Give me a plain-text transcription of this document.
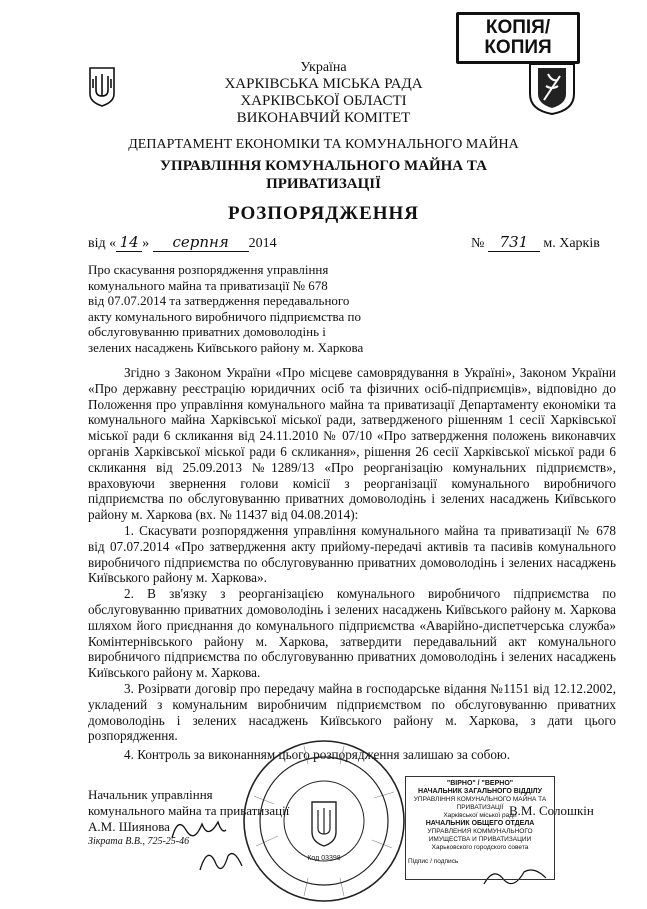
КОПІЯ/
КОПИЯ
Україна
ХАРКІВСЬКА МІСЬКА РАДА
ХАРКІВСЬКОЇ ОБЛАСТІ
ВИКОНАВЧИЙ КОМІТЕТ
ДЕПАРТАМЕНТ ЕКОНОМІКИ ТА КОМУНАЛЬНОГО МАЙНА
УПРАВЛІННЯ КОМУНАЛЬНОГО МАЙНА ТА
ПРИВАТИЗАЦІЇ
РОЗПОРЯДЖЕННЯ
від « 14 » серпня 2014	№ 731 м. Харків
Про скасування розпорядження управління
комунального майна та приватизації № 678
від 07.07.2014 та затвердження передавального
акту комунального виробничого підприємства по
обслуговуванню приватних домоволодінь і
зелених насаджень Київського району м. Харкова

Згідно з Законом України «Про місцеве самоврядування в Україні», Законом України «Про державну реєстрацію юридичних осіб та фізичних осіб-підприємців», відповідно до Положення про управління комунального майна та приватизації Департаменту економіки та комунального майна Харківської міської ради, затвердженого рішенням 1 сесії Харківської міської ради 6 скликання від 24.11.2010 № 07/10 «Про затвердження положень виконавчих органів Харківської міської ради 6 скликання», рішення 26 сесії Харківської міської ради 6 скликання від 25.09.2013 №1289/13 «Про реорганізацію комунальних підприємств», враховуючи звернення голови комісії з реорганізації комунального виробничого підприємства по обслуговуванню приватних домоволодінь і зелених насаджень Київського району м. Харкова (вх. № 11437 від 04.08.2014):

1. Скасувати розпорядження управління комунального майна та приватизації № 678 від 07.07.2014 «Про затвердження акту прийому-передачі активів та пасивів комунального виробничого підприємства по обслуговуванню приватних домоволодінь і зелених насаджень Київського району м. Харкова».

2. В зв'язку з реорганізацією комунального виробничого підприємства по обслуговуванню приватних домоволодінь і зелених насаджень Київського району м. Харкова шляхом його приєднання до комунального підприємства «Аварійно-диспетчерська служба» Комінтернівського району м. Харкова, затвердити передавальний акт комунального виробничого підприємства по обслуговуванню приватних домоволодінь і зелених насаджень Київського району м. Харкова.

3. Розірвати договір про передачу майна в господарське відання №1151 від 12.12.2002, укладений з комунальним виробничим підприємством по обслуговуванню приватних домоволодінь і зелених насаджень Київського району м. Харкова, з дати цього розпорядження.

4. Контроль за виконанням цього розпорядження залишаю за собою.

Начальник управління
комунального майна та приватизації
А.М. Шиянова
В.М. Солошкін
Зікрата В.В., 725-25-46
Код 03398
"ВІРНО" / "ВЕРНО"
НАЧАЛЬНИК ЗАГАЛЬНОГО ВІДДІЛУ
УПРАВЛІННЯ КОМУНАЛЬНОГО МАЙНА ТА ПРИВАТИЗАЦІЇ
Харківської міської ради
НАЧАЛЬНИК ОБЩЕГО ОТДЕЛА
УПРАВЛЕНИЯ КОММУНАЛЬНОГО ИМУЩЕСТВА И ПРИВАТИЗАЦИИ
Харьковского городского совета
Підпис / подпись
